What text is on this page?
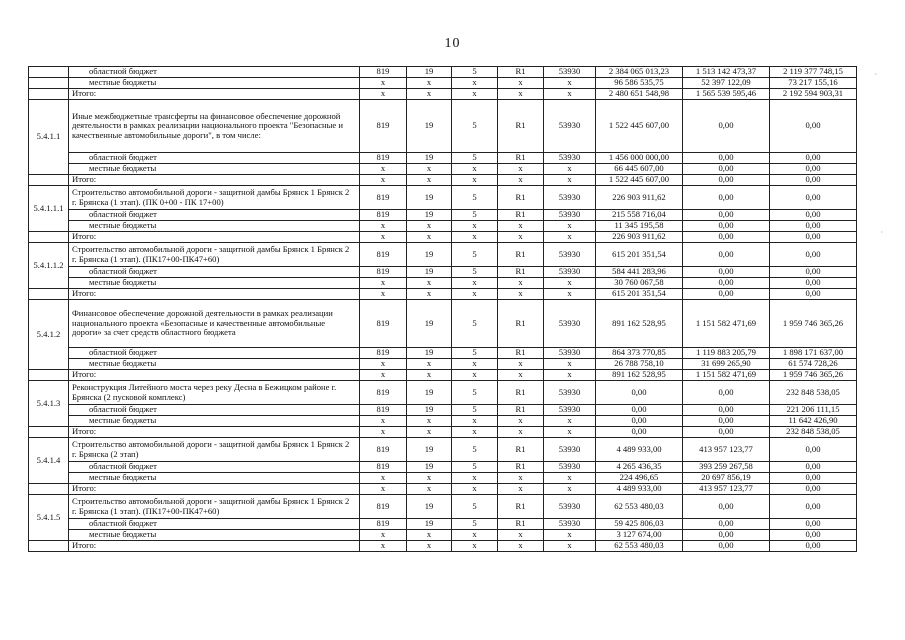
10
	областной бюджет	819	19	5	R1	53930	2 384 065 013,23	1 513 142 473,37	2 119 377 748,15
	местные бюджеты	x	x	x	x	x	96 586 535,75	52 397 122,09	73 217 155,16
	Итого:	x	x	x	x	x	2 480 651 548,98	1 565 539 595,46	2 192 594 903,31
5.4.1.1	Иные межбюджетные трансферты на финансовое обеспечение дорожной деятельности в рамках реализации национального проекта "Безопасные и качественные автомобильные дороги", в том числе:	819	19	5	R1	53930	1 522 445 607,00	0,00	0,00
	областной бюджет	819	19	5	R1	53930	1 456 000 000,00	0,00	0,00
	местные бюджеты	x	x	x	x	x	66 445 607,00	0,00	0,00
	Итого:	x	x	x	x	x	1 522 445 607,00	0,00	0,00
5.4.1.1.1	Строительство автомобильной дороги - защитной дамбы Брянск 1 Брянск 2 г. Брянска (1 этап). (ПК 0+00 - ПК 17+00)	819	19	5	R1	53930	226 903 911,62	0,00	0,00
	областной бюджет	819	19	5	R1	53930	215 558 716,04	0,00	0,00
	местные бюджеты	x	x	x	x	x	11 345 195,58	0,00	0,00
	Итого:	x	x	x	x	x	226 903 911,62	0,00	0,00
5.4.1.1.2	Строительство автомобильной дороги - защитной дамбы Брянск 1 Брянск 2 г. Брянска (1 этап). (ПК17+00-ПК47+60)	819	19	5	R1	53930	615 201 351,54	0,00	0,00
	областной бюджет	819	19	5	R1	53930	584 441 283,96	0,00	0,00
	местные бюджеты	x	x	x	x	x	30 760 067,58	0,00	0,00
	Итого:	x	x	x	x	x	615 201 351,54	0,00	0,00
5.4.1.2	Финансовое обеспечение дорожной деятельности в рамках реализации национального проекта «Безопасные и качественные автомобильные дороги» за счет средств областного бюджета	819	19	5	R1	53930	891 162 528,95	1 151 582 471,69	1 959 746 365,26
	областной бюджет	819	19	5	R1	53930	864 373 770,85	1 119 883 205,79	1 898 171 637,00
	местные бюджеты	x	x	x	x	x	26 788 758,10	31 699 265,90	61 574 728,26
	Итого:	x	x	x	x	x	891 162 528,95	1 151 582 471,69	1 959 746 365,26
5.4.1.3	Реконструкция Литейного моста через реку Десна в Бежицком районе г. Брянска (2 пусковой комплекс)	819	19	5	R1	53930	0,00	0,00	232 848 538,05
	областной бюджет	819	19	5	R1	53930	0,00	0,00	221 206 111,15
	местные бюджеты	x	x	x	x	x	0,00	0,00	11 642 426,90
	Итого:	x	x	x	x	x	0,00	0,00	232 848 538,05
5.4.1.4	Строительство автомобильной дороги - защитной дамбы Брянск 1 Брянск 2 г. Брянска (2 этап)	819	19	5	R1	53930	4 489 933,00	413 957 123,77	0,00
	областной бюджет	819	19	5	R1	53930	4 265 436,35	393 259 267,58	0,00
	местные бюджеты	x	x	x	x	x	224 496,65	20 697 856,19	0,00
	Итого:	x	x	x	x	x	4 489 933,00	413 957 123,77	0,00
5.4.1.5	Строительство автомобильной дороги - защитной дамбы Брянск 1 Брянск 2 г. Брянска (1 этап). (ПК17+00-ПК47+60)	819	19	5	R1	53930	62 553 480,03	0,00	0,00
	областной бюджет	819	19	5	R1	53930	59 425 806,03	0,00	0,00
	местные бюджеты	x	x	x	x	x	3 127 674,00	0,00	0,00
	Итого:	x	x	x	x	x	62 553 480,03	0,00	0,00
·
·
